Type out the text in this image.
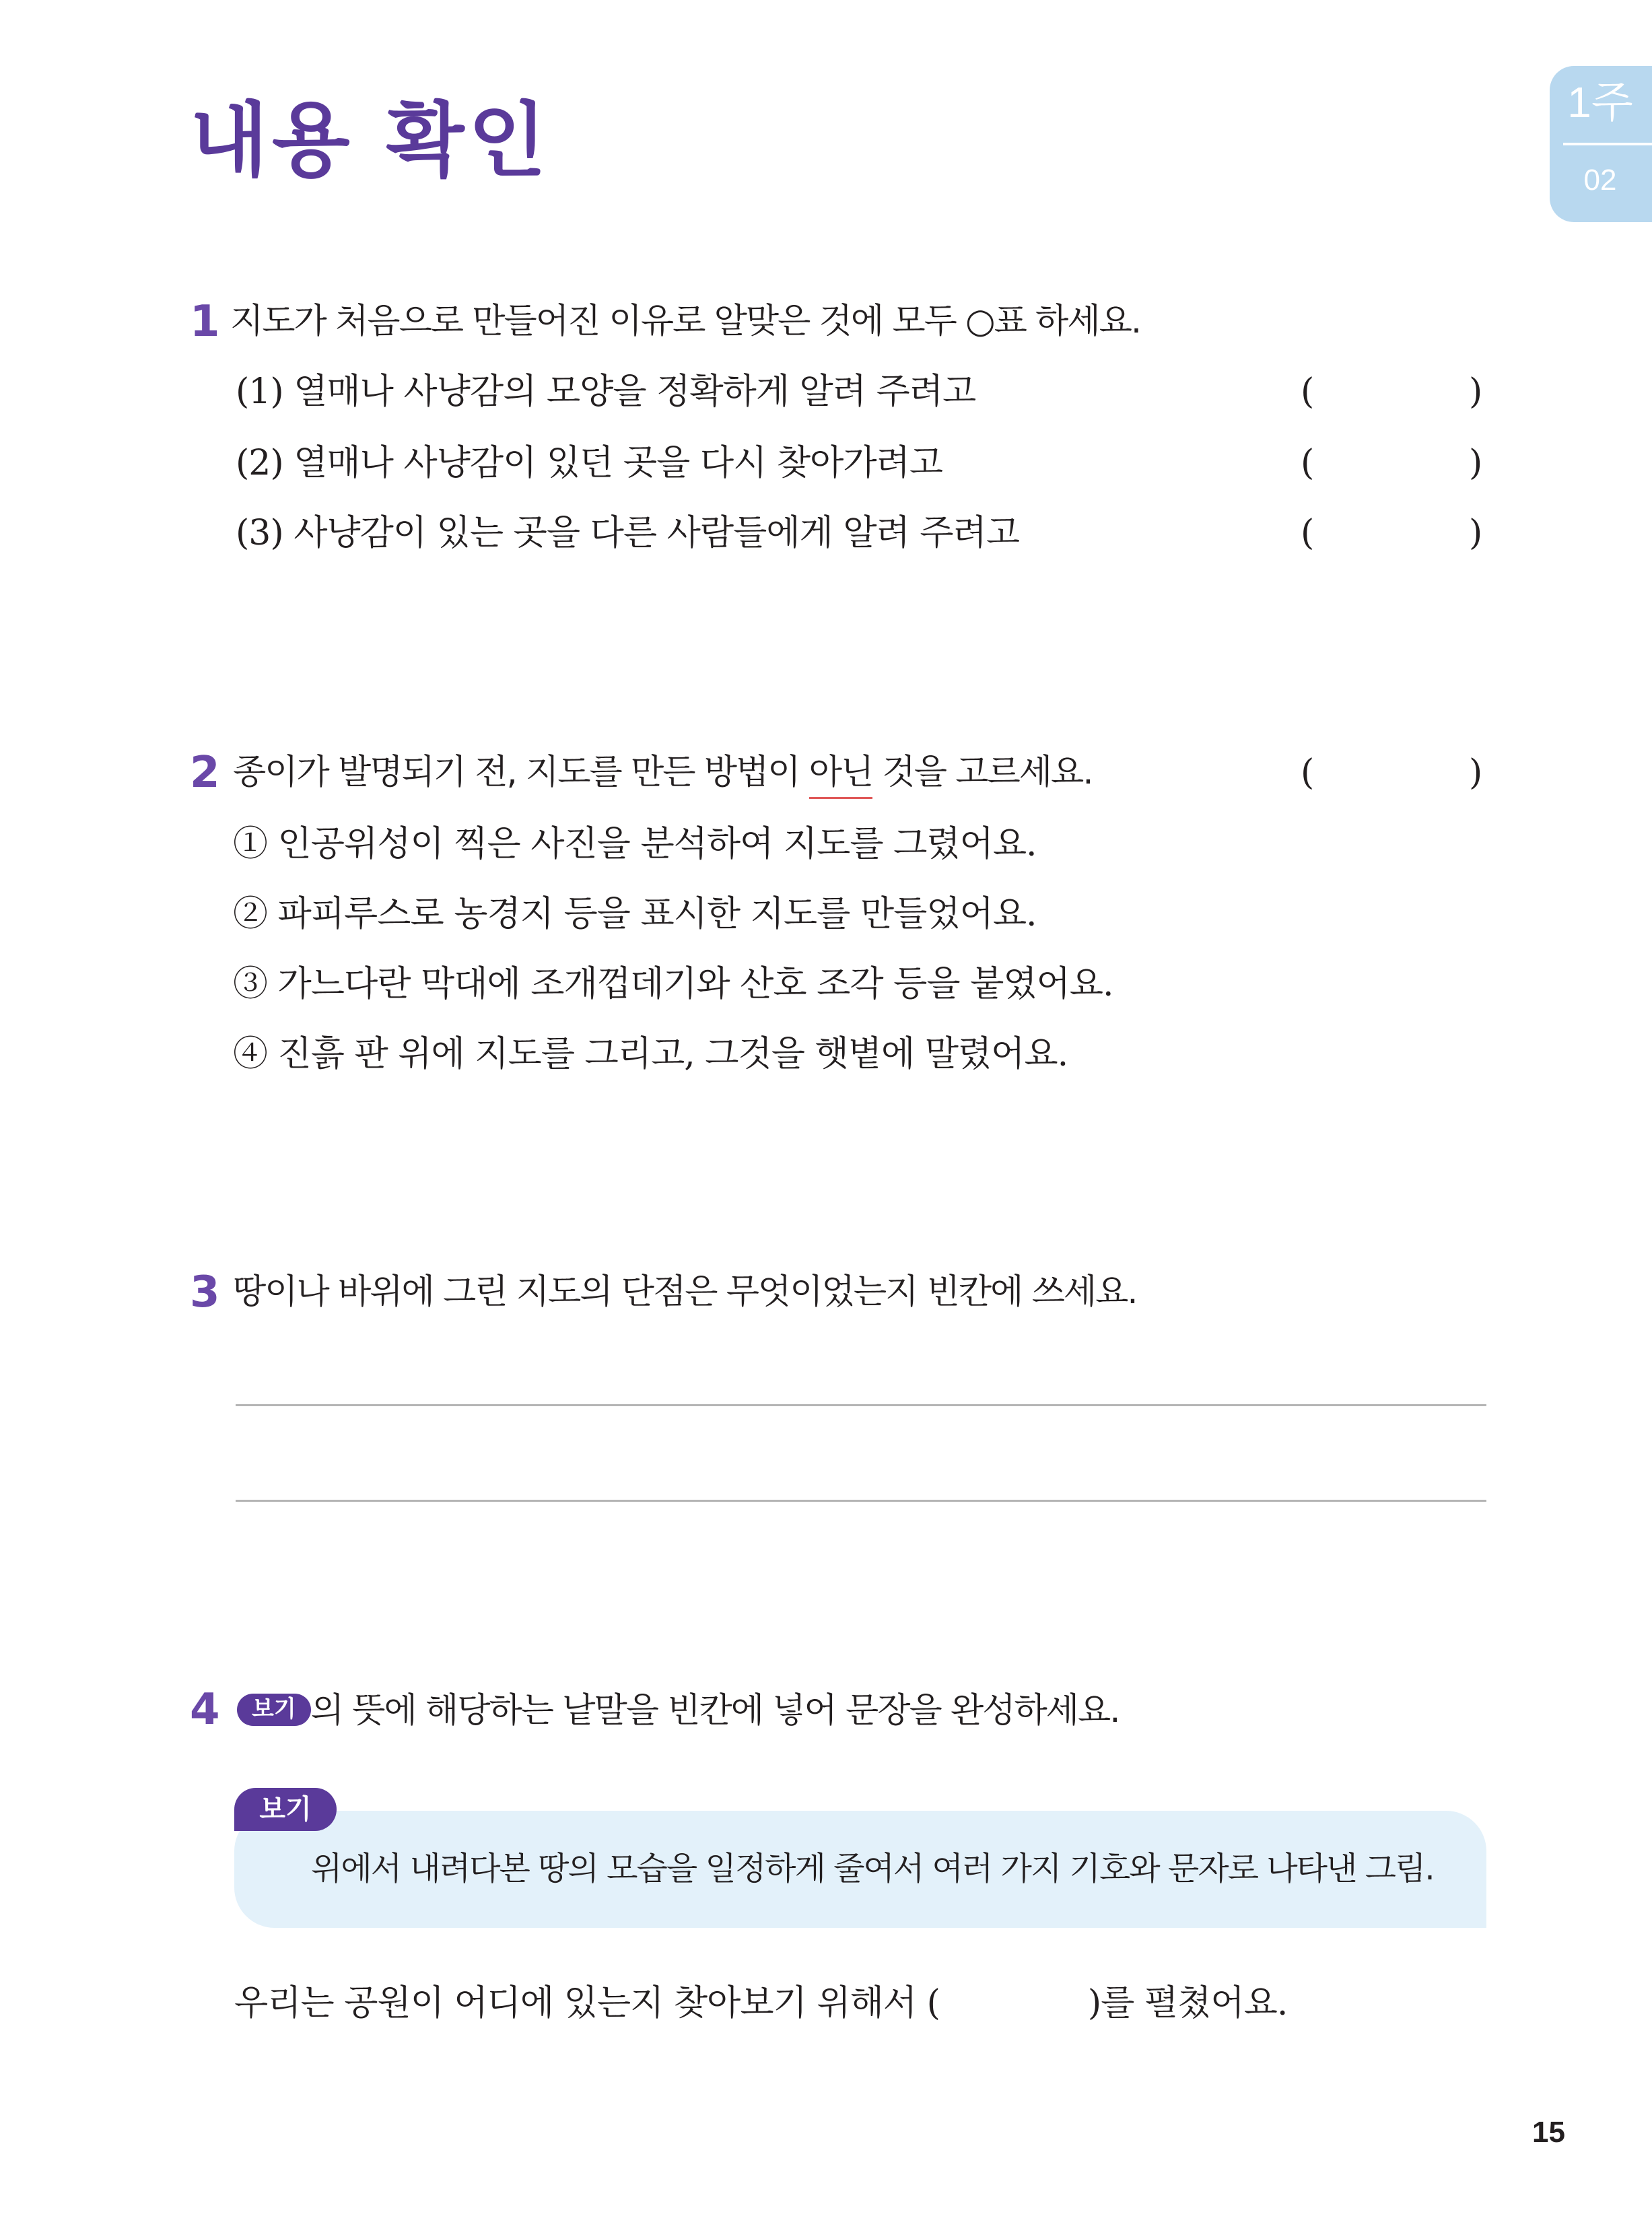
내용 확인	1주
02
1 지도가 처음으로 만들어진 이유로 알맞은 것에 모두 ○표 하세요.
(1) 열매나 사냥감의 모양을 정확하게 알려 주려고	(	)
(2) 열매나 사냥감이 있던 곳을 다시 찾아가려고	(	)
(3) 사냥감이 있는 곳을 다른 사람들에게 알려 주려고	(	)
2 종이가 발명되기 전, 지도를 만든 방법이 아닌 것을 고르세요.	(	)
① 인공위성이 찍은 사진을 분석하여 지도를 그렸어요.
② 파피루스로 농경지 등을 표시한 지도를 만들었어요.
③ 가느다란 막대에 조개껍데기와 산호 조각 등을 붙였어요.
④ 진흙 판 위에 지도를 그리고, 그것을 햇볕에 말렸어요.
3 땅이나 바위에 그린 지도의 단점은 무엇이었는지 빈칸에 쓰세요.
4	보기 의 뜻에 해당하는 낱말을 빈칸에 넣어 문장을 완성하세요.
보기
위에서 내려다본 땅의 모습을 일정하게 줄여서 여러 가지 기호와 문자로 나타낸 그림.
우리는 공원이 어디에 있는지 찾아보기 위해서 (	)를 펼쳤어요.
15
